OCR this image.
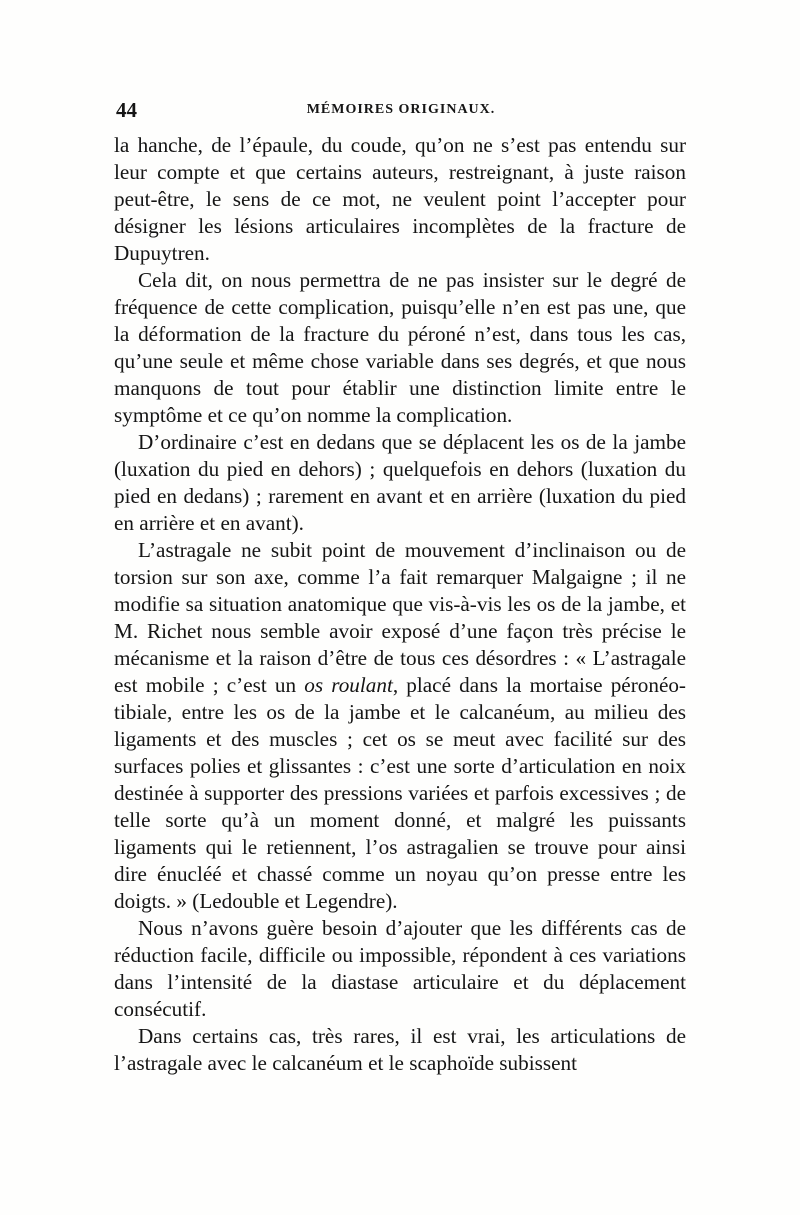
44	MÉMOIRES ORIGINAUX.

la hanche, de l’épaule, du coude, qu’on ne s’est pas entendu sur leur compte et que certains auteurs, restreignant, à juste raison peut-être, le sens de ce mot, ne veulent point l’accepter pour désigner les lésions articulaires incomplètes de la fracture de Dupuytren.

Cela dit, on nous permettra de ne pas insister sur le degré de fréquence de cette complication, puisqu’elle n’en est pas une, que la déformation de la fracture du péroné n’est, dans tous les cas, qu’une seule et même chose variable dans ses degrés, et que nous manquons de tout pour établir une distinction limite entre le symptôme et ce qu’on nomme la complication.

D’ordinaire c’est en dedans que se déplacent les os de la jambe (luxation du pied en dehors) ; quelquefois en dehors (luxation du pied en dedans) ; rarement en avant et en arrière (luxation du pied en arrière et en avant).

L’astragale ne subit point de mouvement d’inclinaison ou de torsion sur son axe, comme l’a fait remarquer Malgaigne ; il ne modifie sa situation anatomique que vis-à-vis les os de la jambe, et M. Richet nous semble avoir exposé d’une façon très précise le mécanisme et la raison d’être de tous ces désordres : « L’astragale est mobile ; c’est un os roulant, placé dans la mortaise péronéo-tibiale, entre les os de la jambe et le calcanéum, au milieu des ligaments et des muscles ; cet os se meut avec facilité sur des surfaces polies et glissantes : c’est une sorte d’articulation en noix destinée à supporter des pressions variées et parfois excessives ; de telle sorte qu’à un moment donné, et malgré les puissants ligaments qui le retiennent, l’os astragalien se trouve pour ainsi dire énucléé et chassé comme un noyau qu’on presse entre les doigts. » (Ledouble et Legendre).

Nous n’avons guère besoin d’ajouter que les différents cas de réduction facile, difficile ou impossible, répondent à ces variations dans l’intensité de la diastase articulaire et du déplacement consécutif.

Dans certains cas, très rares, il est vrai, les articulations de l’astragale avec le calcanéum et le scaphoïde subissent
